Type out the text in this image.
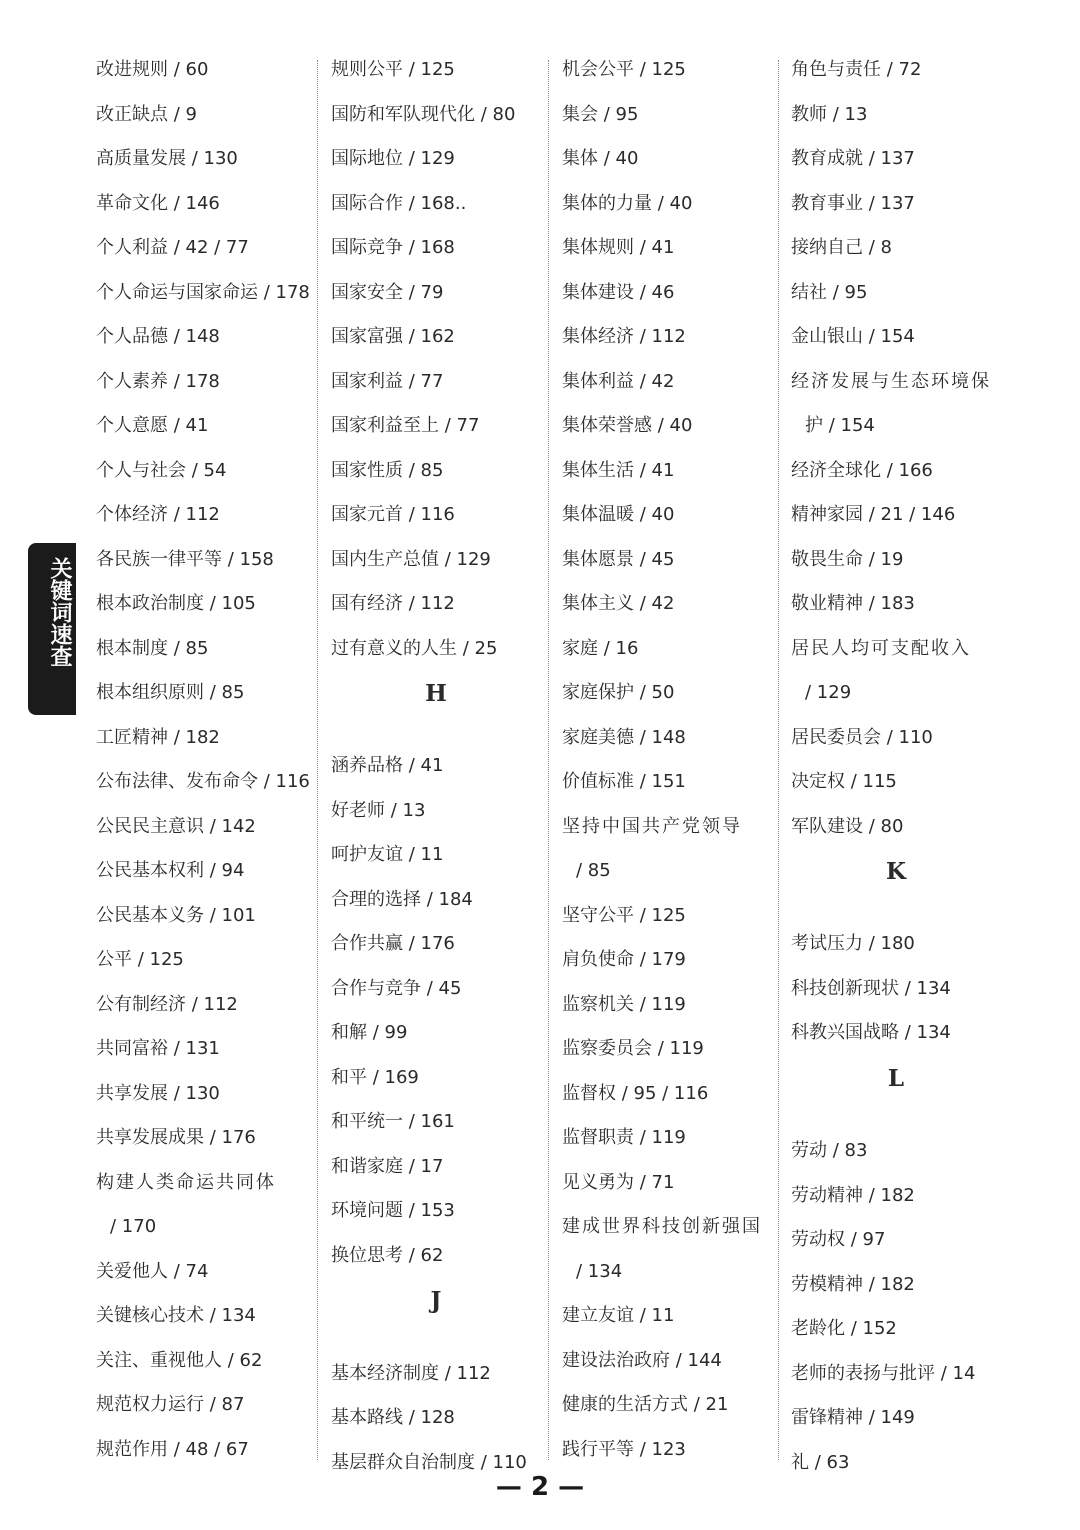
改进规则 / 60
改正缺点 / 9
高质量发展 / 130
革命文化 / 146
个人利益 / 42 / 77
个人命运与国家命运 / 178
个人品德 / 148
个人素养 / 178
个人意愿 / 41
个人与社会 / 54
个体经济 / 112
各民族一律平等 / 158
根本政治制度 / 105
根本制度 / 85
根本组织原则 / 85
工匠精神 / 182
公布法律、发布命令 / 116
公民民主意识 / 142
公民基本权利 / 94
公民基本义务 / 101
公平 / 125
公有制经济 / 112
共同富裕 / 131
共享发展 / 130
共享发展成果 / 176
构建人类命运共同体
/ 170
关爱他人 / 74
关键核心技术 / 134
关注、重视他人 / 62
规范权力运行 / 87
规范作用 / 48 / 67
规则公平 / 125
国防和军队现代化 / 80
国际地位 / 129
国际合作 / 168..
国际竞争 / 168
国家安全 / 79
国家富强 / 162
国家利益 / 77
国家利益至上 / 77
国家性质 / 85
国家元首 / 116
国内生产总值 / 129
国有经济 / 112
过有意义的人生 / 25
H
涵养品格 / 41
好老师 / 13
呵护友谊 / 11
合理的选择 / 184
合作共赢 / 176
合作与竞争 / 45
和解 / 99
和平 / 169
和平统一 / 161
和谐家庭 / 17
环境问题 / 153
换位思考 / 62
J
基本经济制度 / 112
基本路线 / 128
基层群众自治制度 / 110
机会公平 / 125
集会 / 95
集体 / 40
集体的力量 / 40
集体规则 / 41
集体建设 / 46
集体经济 / 112
集体利益 / 42
集体荣誉感 / 40
集体生活 / 41
集体温暖 / 40
集体愿景 / 45
集体主义 / 42
家庭 / 16
家庭保护 / 50
家庭美德 / 148
价值标准 / 151
坚持中国共产党领导
/ 85
坚守公平 / 125
肩负使命 / 179
监察机关 / 119
监察委员会 / 119
监督权 / 95 / 116
监督职责 / 119
见义勇为 / 71
建成世界科技创新强国
/ 134
建立友谊 / 11
建设法治政府 / 144
健康的生活方式 / 21
践行平等 / 123
角色与责任 / 72
教师 / 13
教育成就 / 137
教育事业 / 137
接纳自己 / 8
结社 / 95
金山银山 / 154
经济发展与生态环境保
护 / 154
经济全球化 / 166
精神家园 / 21 / 146
敬畏生命 / 19
敬业精神 / 183
居民人均可支配收入
/ 129
居民委员会 / 110
决定权 / 115
军队建设 / 80
K
考试压力 / 180
科技创新现状 / 134
科教兴国战略 / 134
L
劳动 / 83
劳动精神 / 182
劳动权 / 97
劳模精神 / 182
老龄化 / 152
老师的表扬与批评 / 14
雷锋精神 / 149
礼 / 63
关键词速查
— 2 —
